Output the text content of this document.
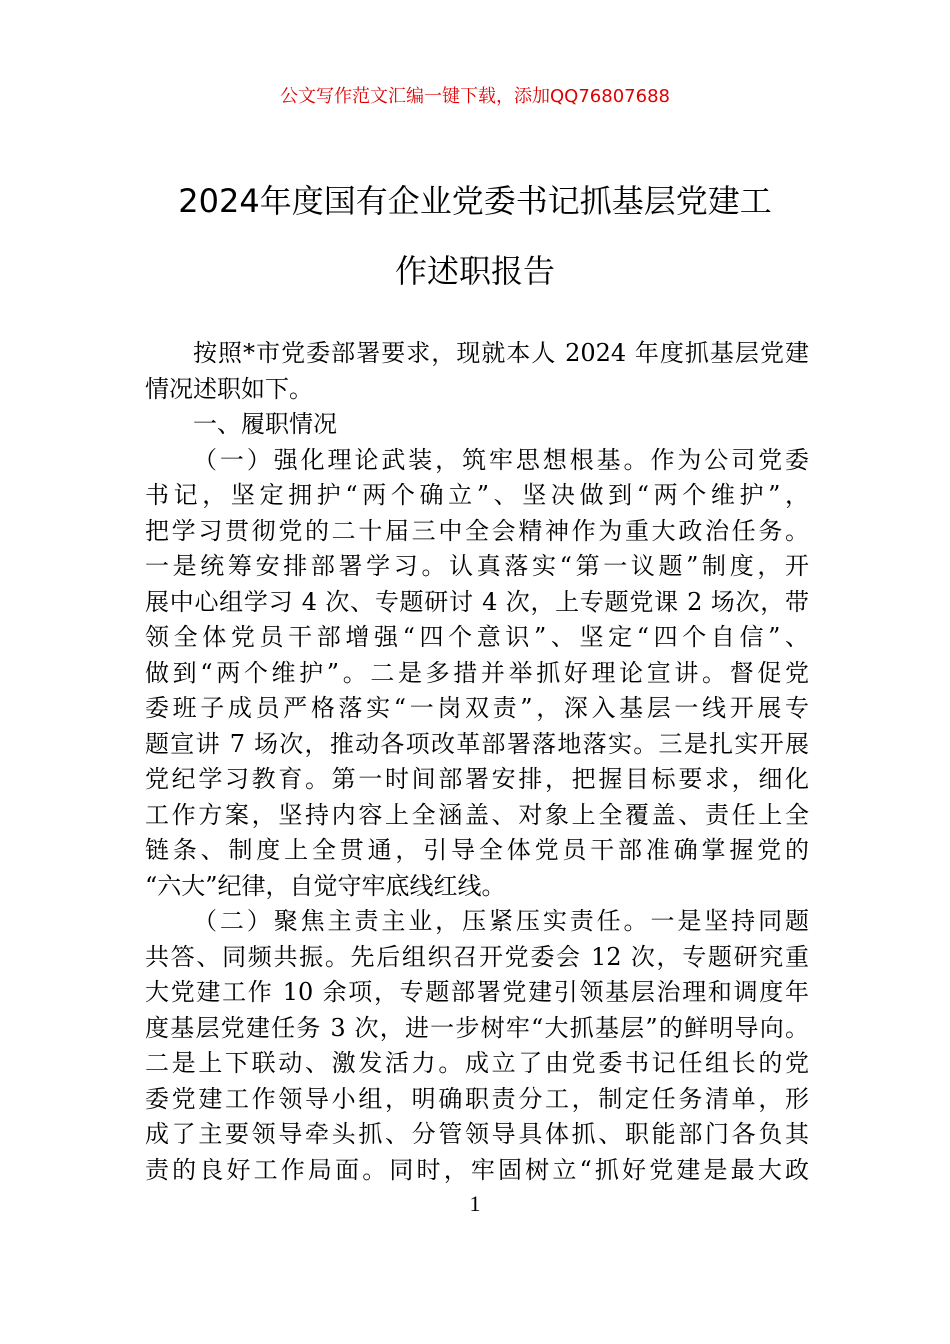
公文写作范文汇编一键下载，添加QQ76807688
2024年度国有企业党委书记抓基层党建工
作述职报告
按照*市党委部署要求，现就本人 2024 年度抓基层党建
情况述职如下。
一、履职情况
（一）强化理论武装，筑牢思想根基。作为公司党委
书记，坚定拥护“两个确立”、坚决做到“两个维护”，
把学习贯彻党的二十届三中全会精神作为重大政治任务。
一是统筹安排部署学习。认真落实“第一议题”制度，开
展中心组学习 4 次、专题研讨 4 次，上专题党课 2 场次，带
领全体党员干部增强“四个意识”、坚定“四个自信”、
做到“两个维护”。二是多措并举抓好理论宣讲。督促党
委班子成员严格落实“一岗双责”，深入基层一线开展专
题宣讲 7 场次，推动各项改革部署落地落实。三是扎实开展
党纪学习教育。第一时间部署安排，把握目标要求，细化
工作方案，坚持内容上全涵盖、对象上全覆盖、责任上全
链条、制度上全贯通，引导全体党员干部准确掌握党的
“六大”纪律，自觉守牢底线红线。
（二）聚焦主责主业，压紧压实责任。一是坚持同题
共答、同频共振。先后组织召开党委会 12 次，专题研究重
大党建工作 10 余项，专题部署党建引领基层治理和调度年
度基层党建任务 3 次，进一步树牢“大抓基层”的鲜明导向。
二是上下联动、激发活力。成立了由党委书记任组长的党
委党建工作领导小组，明确职责分工，制定任务清单，形
成了主要领导牵头抓、分管领导具体抓、职能部门各负其
责的良好工作局面。同时，牢固树立“抓好党建是最大政
1
